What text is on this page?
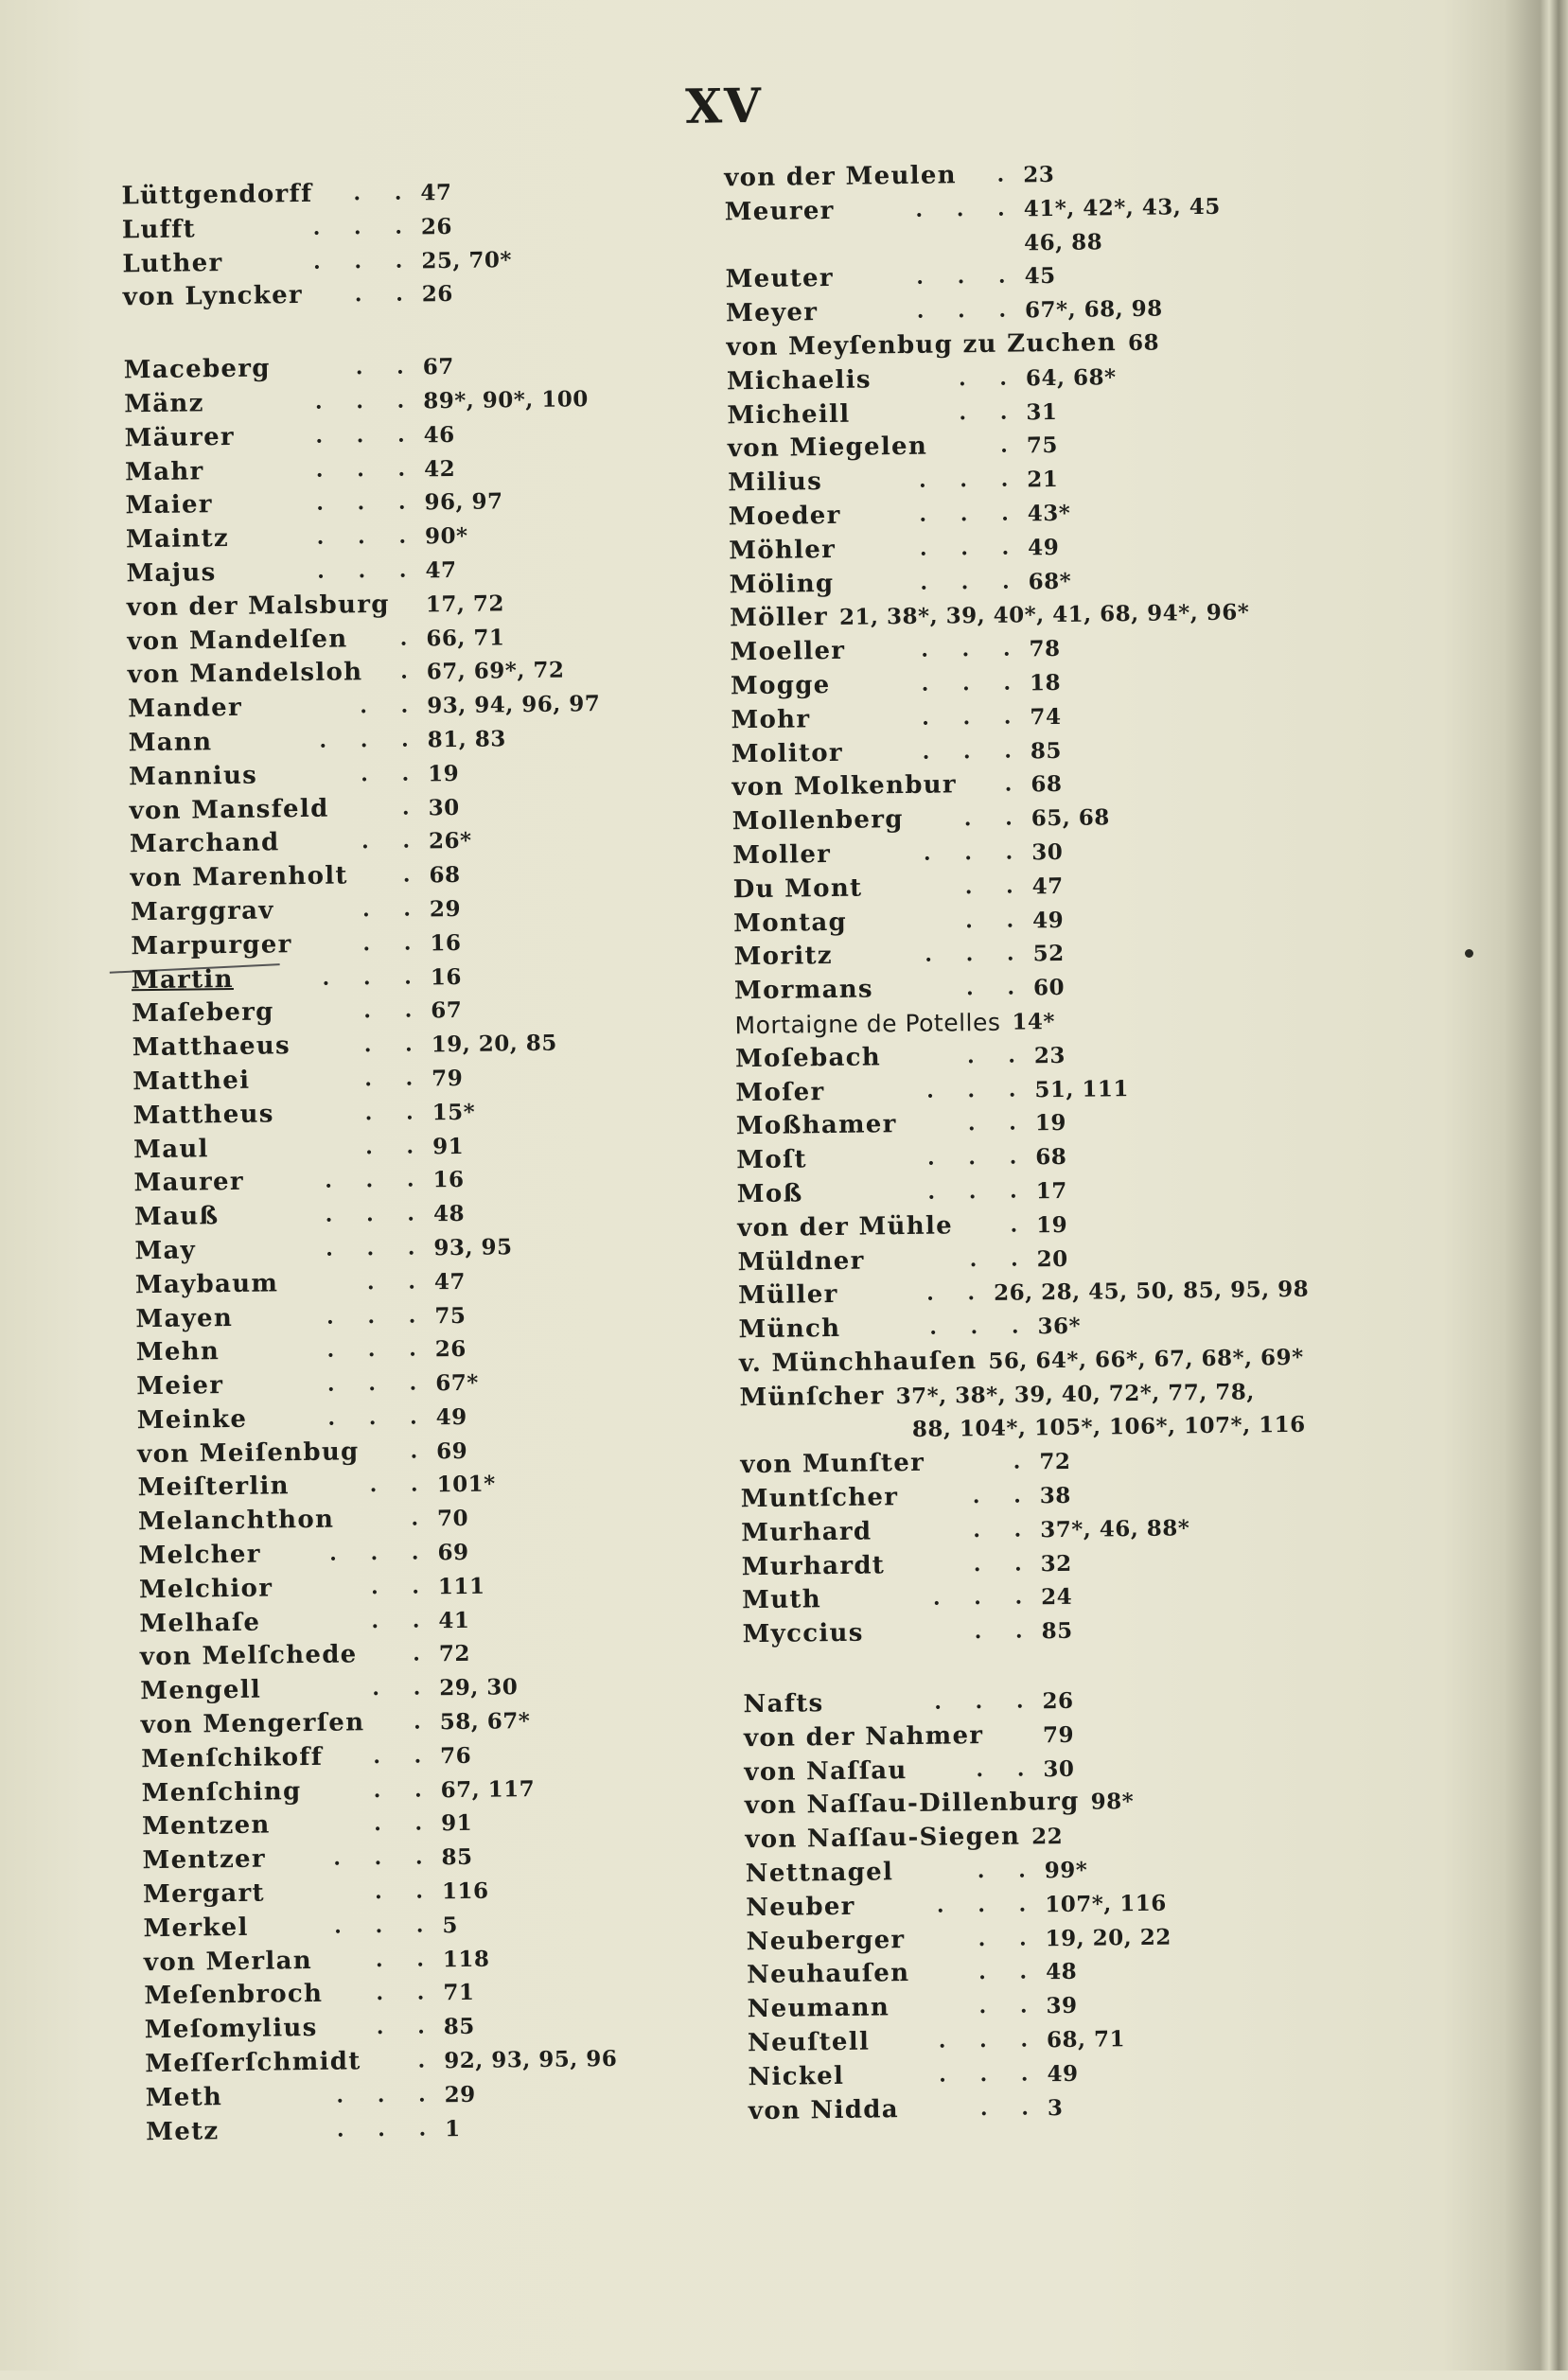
XV
Lüttgendorff	. . 47
Lufft	. . . 26
Luther	. . . 25, 70*
von Lyncker	. . 26
Maceberg	. . 67
Mänz	. . . 89*, 90*, 100
Mäurer	. . . 46
Mahr	. . . 42
Maier	. . . 96, 97
Maintz	. . . 90*
Majus	. . . 47
von der Malsburg 17, 72
von Mandelſen	. 66, 71
von Mandelsloh	. 67, 69*, 72
Mander	. . 93, 94, 96, 97
Mann	. . . 81, 83
Mannius	. . 19
von Mansfeld	. 30
Marchand	. . 26*
von Marenholt	. 68
Marggrav	. . 29
Marpurger	. . 16
Martin	. . . 16
Maſeberg	. . 67
Matthaeus	. . 19, 20, 85
Matthei	. . 79
Mattheus	. . 15*
Maul	. . 91
Maurer	. . . 16
Mauß	. . . 48
May	. . . 93, 95
Maybaum	. . 47
Mayen	. . . 75
Mehn	. . . 26
Meier	. . . 67*
Meinke	. . . 49
von Meiſenbug	. 69
Meiſterlin	. . 101*
Melanchthon	. 70
Melcher	. . . 69
Melchior	. . 111
Melhaſe	. . 41
von Melſchede	. 72
Mengell	. . 29, 30
von Mengerſen	. 58, 67*
Menſchikoff	. . 76
Menſching	. . 67, 117
Mentzen	. . 91
Mentzer	. . . 85
Mergart	. . 116
Merkel	. . . 5
von Merlan	. . 118
Meſenbroch	. . 71
Meſomylius	. . 85
Meſſerſchmidt	. 92, 93, 95, 96
Meth	. . . 29
Metz	. . . 1
von der Meulen	. 23
Meurer	. . . 41*, 42*, 43, 45
46, 88
Meuter	. . . 45
Meyer	. . . 67*, 68, 98
von Meyſenbug zu Zuchen 68
Michaelis	. . 64, 68*
Micheill	. . 31
von Miegelen	. 75
Milius	. . . 21
Moeder	. . . 43*
Möhler	. . . 49
Möling	. . . 68*
Möller 21, 38*, 39, 40*, 41, 68, 94*, 96*
Moeller	. . . 78
Mogge	. . . 18
Mohr	. . . 74
Molitor	. . . 85
von Molkenbur	. 68
Mollenberg	. . 65, 68
Moller	. . . 30
Du Mont	. . 47
Montag	. . 49
Moritz	. . . 52
Mormans	. . 60
Mortaigne de Potelles 14*
Moſebach	. . 23
Moſer	. . . 51, 111
Moßhamer	. . 19
Moſt	. . . 68
Moß	. . . 17
von der Mühle	. 19
Müldner	. . 20
Müller	. . 26, 28, 45, 50, 85, 95, 98
Münch	. . . 36*
v. Münchhauſen 56, 64*, 66*, 67, 68*, 69*
Münſcher 37*, 38*, 39, 40, 72*, 77, 78,
88, 104*, 105*, 106*, 107*, 116
von Munſter	. 72
Muntſcher	. . 38
Murhard	. . 37*, 46, 88*
Murhardt	. . 32
Muth	. . . 24
Myccius	. . 85
Nafts	. . . 26
von der Nahmer	79
von Naſſau	. . 30
von Naſſau-Dillenburg 98*
von Naſſau-Siegen 22
Nettnagel	. . 99*
Neuber	. . . 107*, 116
Neuberger	. . 19, 20, 22
Neuhauſen	. . 48
Neumann	. . 39
Neuſtell	. . . 68, 71
Nickel	. . . 49
von Nidda	. . 3
